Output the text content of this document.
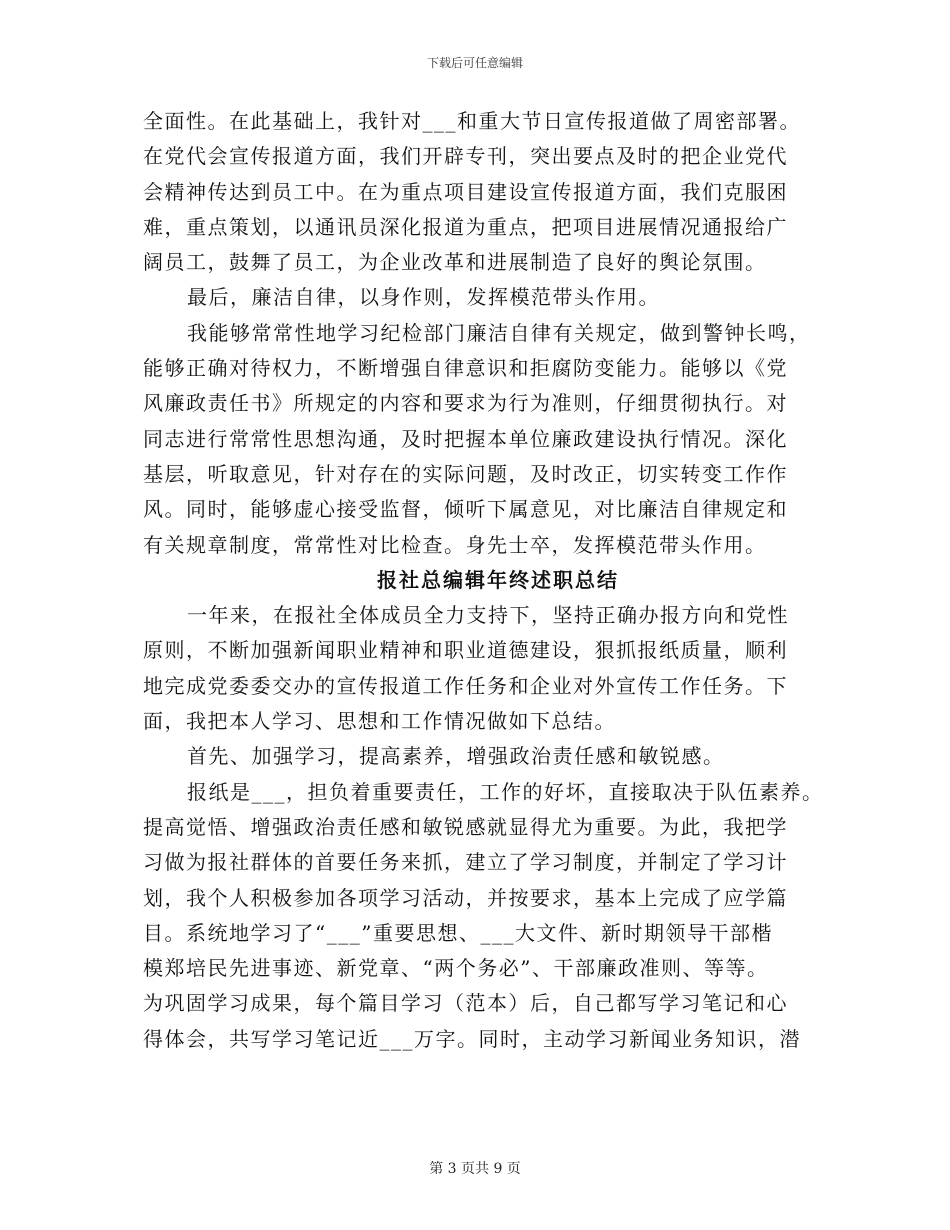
下载后可任意编辑
全面性。在此基础上，我针对___和重大节日宣传报道做了周密部署。
在党代会宣传报道方面，我们开辟专刊，突出要点及时的把企业党代
会精神传达到员工中。在为重点项目建设宣传报道方面，我们克服困
难，重点策划，以通讯员深化报道为重点，把项目进展情况通报给广
阔员工，鼓舞了员工，为企业改革和进展制造了良好的舆论氛围。
最后，廉洁自律，以身作则，发挥模范带头作用。
我能够常常性地学习纪检部门廉洁自律有关规定，做到警钟长鸣，
能够正确对待权力，不断增强自律意识和拒腐防变能力。能够以《党
风廉政责任书》所规定的内容和要求为行为准则，仔细贯彻执行。对
同志进行常常性思想沟通，及时把握本单位廉政建设执行情况。深化
基层，听取意见，针对存在的实际问题，及时改正，切实转变工作作
风。同时，能够虚心接受监督，倾听下属意见，对比廉洁自律规定和
有关规章制度，常常性对比检查。身先士卒，发挥模范带头作用。
报社总编辑年终述职总结
一年来，在报社全体成员全力支持下，坚持正确办报方向和党性
原则，不断加强新闻职业精神和职业道德建设，狠抓报纸质量，顺利
地完成党委委交办的宣传报道工作任务和企业对外宣传工作任务。下
面，我把本人学习、思想和工作情况做如下总结。
首先、加强学习，提高素养，增强政治责任感和敏锐感。
报纸是___，担负着重要责任，工作的好坏，直接取决于队伍素养。
提高觉悟、增强政治责任感和敏锐感就显得尤为重要。为此，我把学
习做为报社群体的首要任务来抓，建立了学习制度，并制定了学习计
划，我个人积极参加各项学习活动，并按要求，基本上完成了应学篇
目。系统地学习了“___”重要思想、___大文件、新时期领导干部楷
模郑培民先进事迹、新党章、“两个务必”、干部廉政准则、等等。
为巩固学习成果，每个篇目学习（范本）后，自己都写学习笔记和心
得体会，共写学习笔记近___万字。同时，主动学习新闻业务知识，潜
第 3 页共 9 页
